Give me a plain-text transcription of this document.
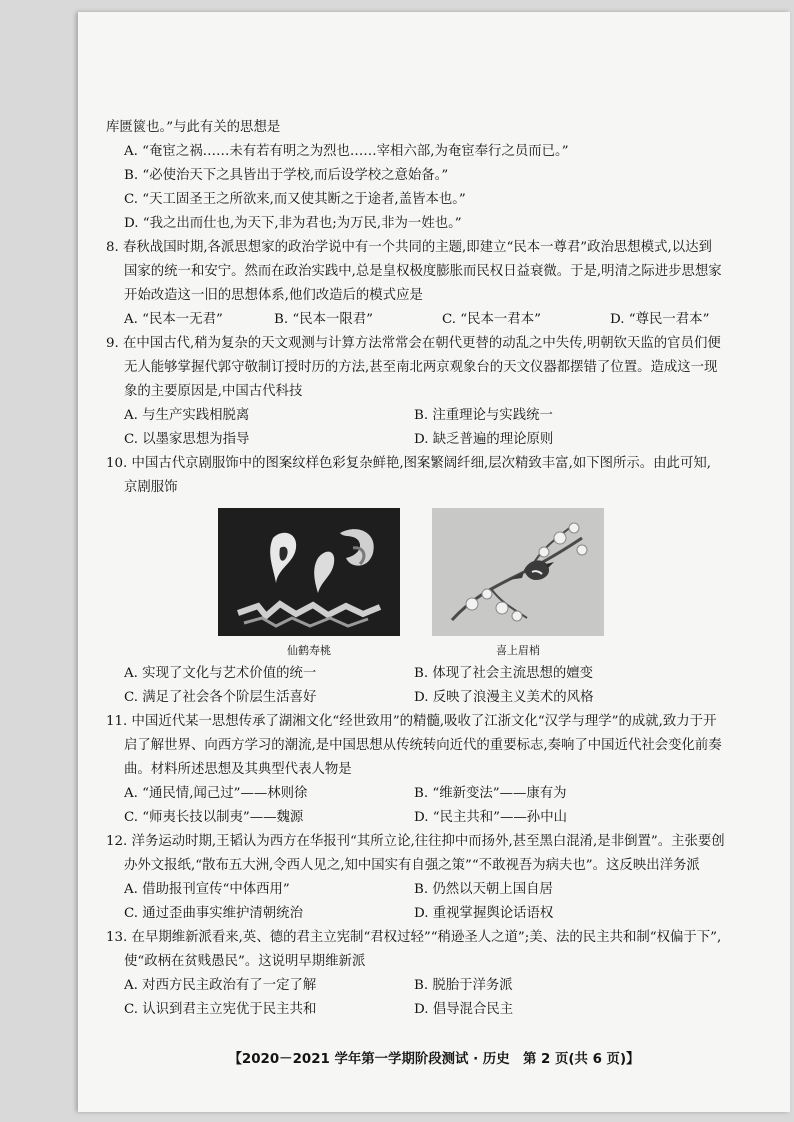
库匮篋也。”与此有关的思想是
A. “奄宦之祸……未有若有明之为烈也……宰相六部,为奄宦奉行之员而已。”
B. “必使治天下之具皆出于学校,而后设学校之意始备。”
C. “天工固圣王之所欲来,而又使其断之于途者,盖皆本也。”
D. “我之出而仕也,为天下,非为君也;为万民,非为一姓也。”
8. 春秋战国时期,各派思想家的政治学说中有一个共同的主题,即建立“民本一尊君”政治思想模式,以达到
国家的统一和安宁。然而在政治实践中,总是皇权极度膨胀而民权日益衰微。于是,明清之际进步思想家
开始改造这一旧的思想体系,他们改造后的模式应是
A. “民本一无君”	B. “民本一限君”	C. “民本一君本”	D. “尊民一君本”
9. 在中国古代,稍为复杂的天文观测与计算方法常常会在朝代更替的动乱之中失传,明朝钦天监的官员们便
无人能够掌握代郭守敬制订授时历的方法,甚至南北两京观象台的天文仪器都摆错了位置。造成这一现
象的主要原因是,中国古代科技
A. 与生产实践相脱离	B. 注重理论与实践统一
C. 以墨家思想为指导	D. 缺乏普遍的理论原则
10. 中国古代京剧服饰中的图案纹样色彩复杂鲜艳,图案繁阔纤细,层次精致丰富,如下图所示。由此可知,
京剧服饰
仙鹤寿桃	喜上眉梢
A. 实现了文化与艺术价值的统一	B. 体现了社会主流思想的嬗变
C. 满足了社会各个阶层生活喜好	D. 反映了浪漫主义美术的风格
11. 中国近代某一思想传承了湖湘文化“经世致用”的精髓,吸收了江浙文化“汉学与理学”的成就,致力于开
启了解世界、向西方学习的潮流,是中国思想从传统转向近代的重要标志,奏响了中国近代社会变化前奏
曲。材料所述思想及其典型代表人物是
A. “通民情,闻己过”——林则徐	B. “维新变法”——康有为
C. “师夷长技以制夷”——魏源	D. “民主共和”——孙中山
12. 洋务运动时期,王韬认为西方在华报刊“其所立论,往往抑中而扬外,甚至黑白混淆,是非倒置”。主张要创
办外文报纸,“散布五大洲,令西人见之,知中国实有自强之策”“不敢视吾为病夫也”。这反映出洋务派
A. 借助报刊宣传“中体西用”	B. 仍然以天朝上国自居
C. 通过歪曲事实维护清朝统治	D. 重视掌握舆论话语权
13. 在早期维新派看来,英、德的君主立宪制“君权过轻”“稍逊圣人之道”;美、法的民主共和制“权偏于下”,
使“政柄在贫贱愚民”。这说明早期维新派
A. 对西方民主政治有了一定了解	B. 脱胎于洋务派
C. 认识到君主立宪优于民主共和	D. 倡导混合民主
【2020－2021 学年第一学期阶段测试 · 历史　第 2 页(共 6 页)】
